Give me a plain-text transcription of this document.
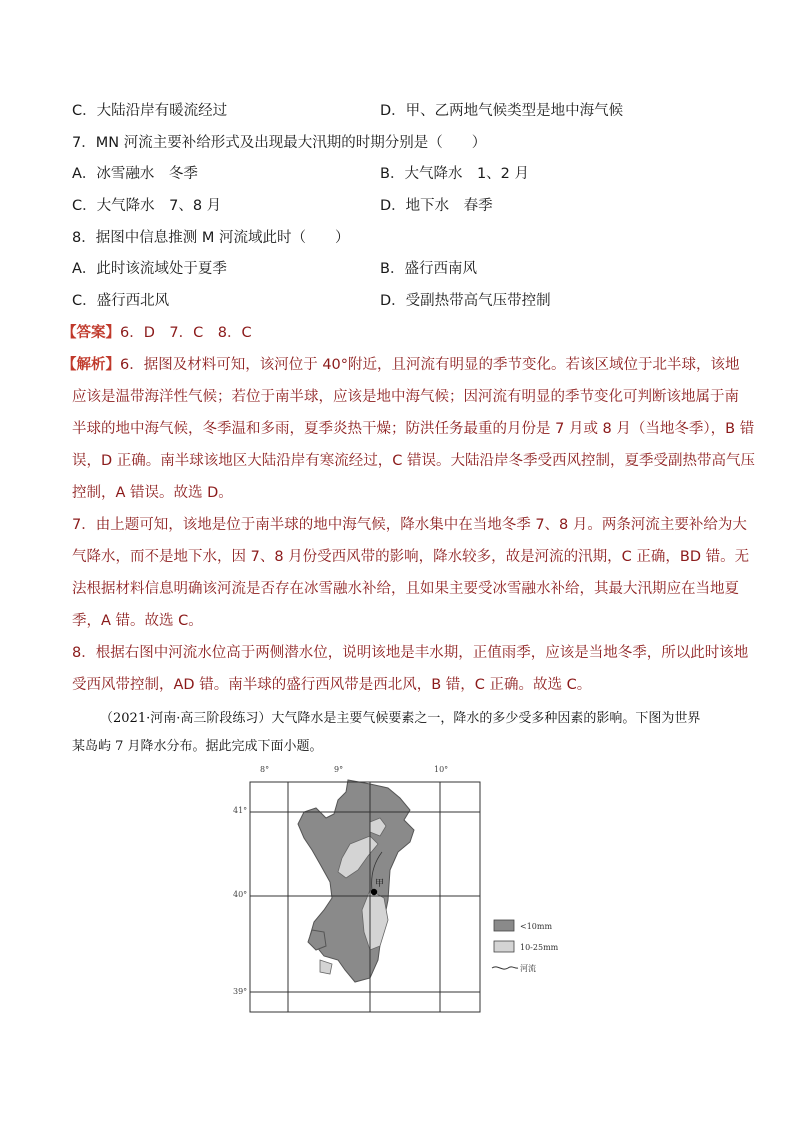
C．大陆沿岸有暖流经过	D．甲、乙两地气候类型是地中海气候
7．MN 河流主要补给形式及出现最大汛期的时期分别是（　　）
A．冰雪融水　冬季	B．大气降水　1、2 月
C．大气降水　7、8 月	D．地下水　春季
8．据图中信息推测 M 河流域此时（　　）
A．此时该流域处于夏季	B．盛行西南风
C．盛行西北风	D．受副热带高气压带控制
【答案】6．D　7．C　8．C
【解析】6．据图及材料可知，该河位于 40°附近，且河流有明显的季节变化。若该区域位于北半球，该地
应该是温带海洋性气候；若位于南半球，应该是地中海气候；因河流有明显的季节变化可判断该地属于南
半球的地中海气候，冬季温和多雨，夏季炎热干燥；防洪任务最重的月份是 7 月或 8 月（当地冬季），B 错
误，D 正确。南半球该地区大陆沿岸有寒流经过，C 错误。大陆沿岸冬季受西风控制，夏季受副热带高气压
控制，A 错误。故选 D。
7．由上题可知，该地是位于南半球的地中海气候，降水集中在当地冬季 7、8 月。两条河流主要补给为大
气降水，而不是地下水，因 7、8 月份受西风带的影响，降水较多，故是河流的汛期，C 正确，BD 错。无
法根据材料信息明确该河流是否存在冰雪融水补给，且如果主要受冰雪融水补给，其最大汛期应在当地夏
季，A 错。故选 C。
8．根据右图中河流水位高于两侧潜水位，说明该地是丰水期，正值雨季，应该是当地冬季，所以此时该地
受西风带控制，AD 错。南半球的盛行西风带是西北风，B 错，C 正确。故选 C。
（2021·河南·高三阶段练习）大气降水是主要气候要素之一，降水的多少受多种因素的影响。下图为世界
某岛屿 7 月降水分布。据此完成下面小题。
8°	9°	10°
41°
40°
39°
甲
<10mm
10-25mm
河流
